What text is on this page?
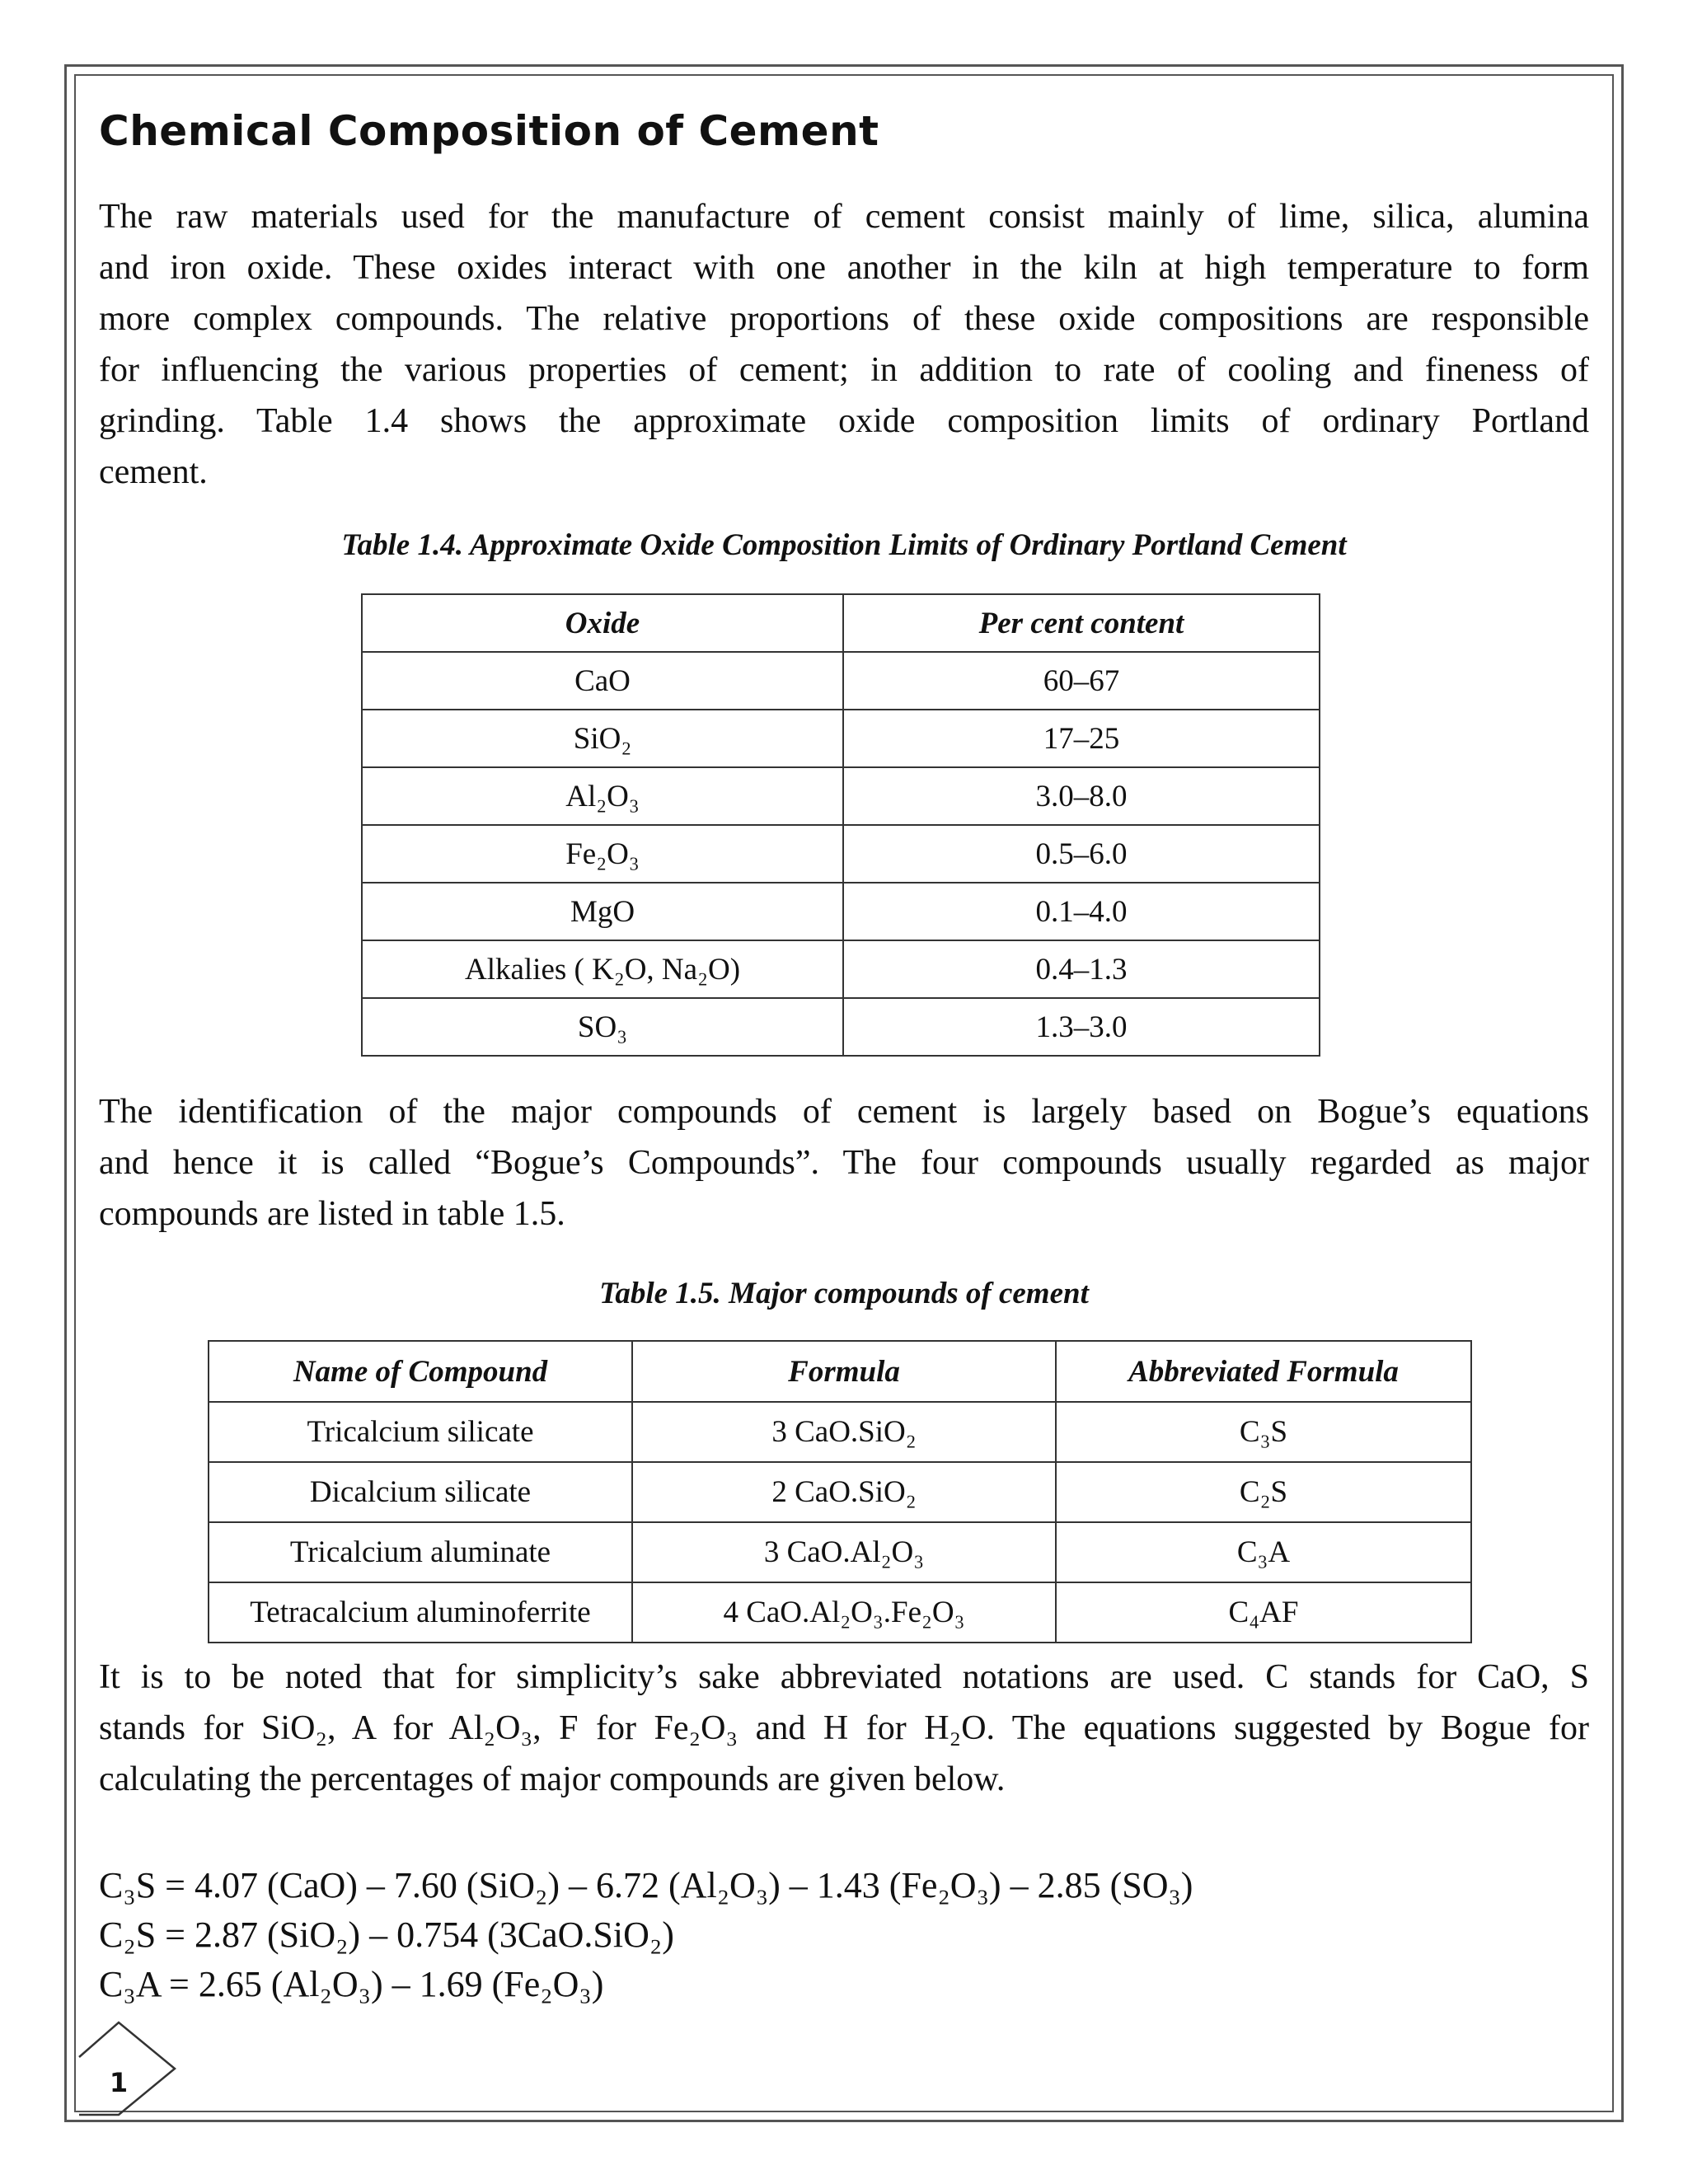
Chemical Composition of Cement
The raw materials used for the manufacture of cement consist mainly of lime, silica, alumina
and iron oxide. These oxides interact with one another in the kiln at high temperature to form
more complex compounds. The relative proportions of these oxide compositions are responsible
for influencing the various properties of cement; in addition to rate of cooling and fineness of
grinding. Table 1.4 shows the approximate oxide composition limits of ordinary Portland
cement.
Table 1.4. Approximate Oxide Composition Limits of Ordinary Portland Cement
Oxide	Per cent content
CaO	60–67
SiO₂	17–25
Al₂O₃	3.0–8.0
Fe₂O₃	0.5–6.0
MgO	0.1–4.0
Alkalies ( K₂O, Na₂O)	0.4–1.3
SO₃	1.3–3.0
The identification of the major compounds of cement is largely based on Bogue’s equations
and hence it is called “Bogue’s Compounds”. The four compounds usually regarded as major
compounds are listed in table 1.5.
Table 1.5. Major compounds of cement
Name of Compound	Formula	Abbreviated Formula
Tricalcium silicate	3 CaO.SiO₂	C₃S
Dicalcium silicate	2 CaO.SiO₂	C₂S
Tricalcium aluminate	3 CaO.Al₂O₃	C₃A
Tetracalcium aluminoferrite	4 CaO.Al₂O₃.Fe₂O₃	C₄AF
It is to be noted that for simplicity’s sake abbreviated notations are used. C stands for CaO, S
stands for SiO₂, A for Al₂O₃, F for Fe₂O₃ and H for H₂O. The equations suggested by Bogue for
calculating the percentages of major compounds are given below.
C₃S = 4.07 (CaO) – 7.60 (SiO₂) – 6.72 (Al₂O₃) – 1.43 (Fe₂O₃) – 2.85 (SO₃)
C₂S = 2.87 (SiO₂) – 0.754 (3CaO.SiO₂)
C₃A = 2.65 (Al₂O₃) – 1.69 (Fe₂O₃)
1
